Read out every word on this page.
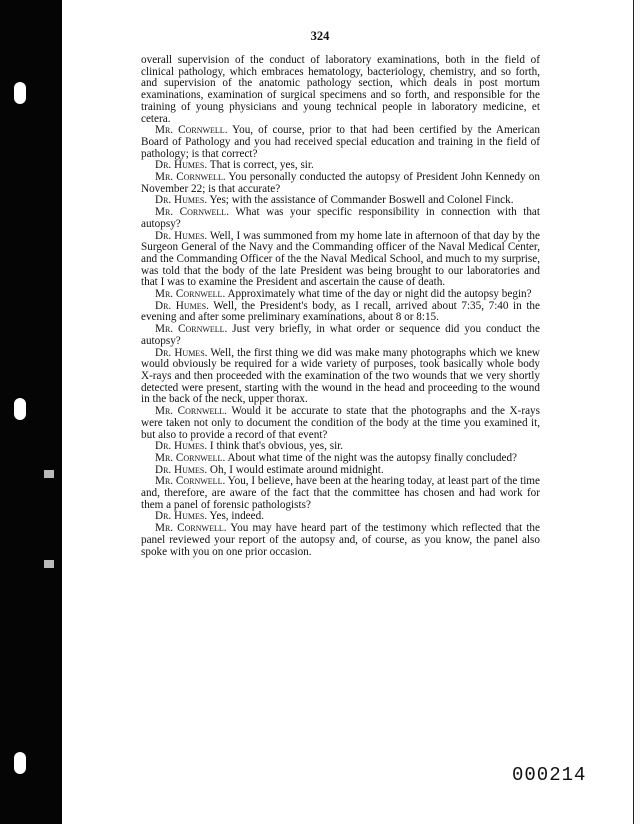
324

overall supervision of the conduct of laboratory examinations, both in the field of clinical pathology, which embraces hematology, bacteriology, chemistry, and so forth, and supervision of the anatomic pathology section, which deals in post mortum examinations, examination of surgical specimens and so forth, and responsible for the training of young physicians and young technical people in laboratory medicine, et cetera.

Mr. Cornwell. You, of course, prior to that had been certified by the American Board of Pathology and you had received special education and training in the field of pathology; is that correct?

Dr. Humes. That is correct, yes, sir.

Mr. Cornwell. You personally conducted the autopsy of President John Kennedy on November 22; is that accurate?

Dr. Humes. Yes; with the assistance of Commander Boswell and Colonel Finck.

Mr. Cornwell. What was your specific responsibility in connection with that autopsy?

Dr. Humes. Well, I was summoned from my home late in afternoon of that day by the Surgeon General of the Navy and the Commanding officer of the Naval Medical Center, and the Commanding Officer of the the Naval Medical School, and much to my surprise, was told that the body of the late President was being brought to our laboratories and that I was to examine the President and ascertain the cause of death.

Mr. Cornwell. Approximately what time of the day or night did the autopsy begin?

Dr. Humes. Well, the President's body, as I recall, arrived about 7:35, 7:40 in the evening and after some preliminary examinations, about 8 or 8:15.

Mr. Cornwell. Just very briefly, in what order or sequence did you conduct the autopsy?

Dr. Humes. Well, the first thing we did was make many photographs which we knew would obviously be required for a wide variety of purposes, took basically whole body X-rays and then proceeded with the examination of the two wounds that we very shortly detected were present, starting with the wound in the head and proceeding to the wound in the back of the neck, upper thorax.

Mr. Cornwell. Would it be accurate to state that the photographs and the X-rays were taken not only to document the condition of the body at the time you examined it, but also to provide a record of that event?

Dr. Humes. I think that's obvious, yes, sir.

Mr. Cornwell. About what time of the night was the autopsy finally concluded?

Dr. Humes. Oh, I would estimate around midnight.

Mr. Cornwell. You, I believe, have been at the hearing today, at least part of the time and, therefore, are aware of the fact that the committee has chosen and had work for them a panel of forensic pathologists?

Dr. Humes. Yes, indeed.

Mr. Cornwell. You may have heard part of the testimony which reflected that the panel reviewed your report of the autopsy and, of course, as you know, the panel also spoke with you on one prior occasion.

000214
